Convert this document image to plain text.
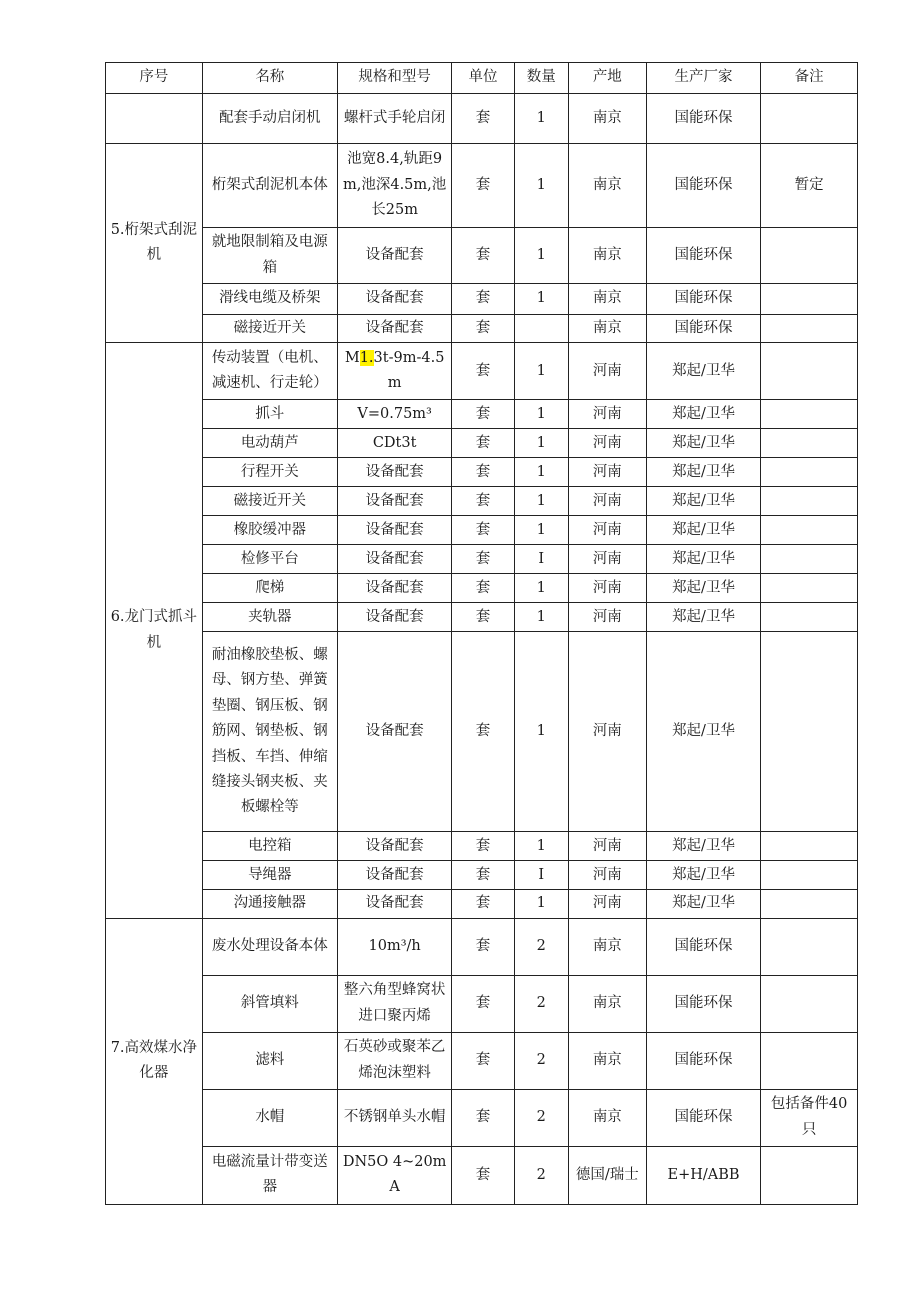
序号	名称	规格和型号	单位	数量	产地	生产厂家	备注
	配套手动启闭机	螺杆式手轮启闭	套	1	南京	国能环保	
5.桁架式刮泥机	桁架式刮泥机本体	池宽8.4,轨距9m,池深4.5m,池长25m	套	1	南京	国能环保	暂定
	就地限制箱及电源箱	设备配套	套	1	南京	国能环保	
	滑线电缆及桥架	设备配套	套	1	南京	国能环保	
	磁接近开关	设备配套	套		南京	国能环保	
6.龙门式抓斗机	传动装置（电机、减速机、行走轮）	M1.3t-9m-4.5m	套	1	河南	郑起/卫华	
	抓斗	V=0.75m³	套	1	河南	郑起/卫华	
	电动葫芦	CDt3t	套	1	河南	郑起/卫华	
	行程开关	设备配套	套	1	河南	郑起/卫华	
	磁接近开关	设备配套	套	1	河南	郑起/卫华	
	橡胶缓冲器	设备配套	套	1	河南	郑起/卫华	
	检修平台	设备配套	套	I	河南	郑起/卫华	
	爬梯	设备配套	套	1	河南	郑起/卫华	
	夹轨器	设备配套	套	1	河南	郑起/卫华	
	耐油橡胶垫板、螺母、钢方垫、弹簧垫圈、钢压板、钢筋网、钢垫板、钢挡板、车挡、伸缩缝接头钢夹板、夹板螺栓等	设备配套	套	1	河南	郑起/卫华	
	电控箱	设备配套	套	1	河南	郑起/卫华	
	导绳器	设备配套	套	I	河南	郑起/卫华	
	沟通接触器	设备配套	套	1	河南	郑起/卫华	
7.高效煤水净化器	废水处理设备本体	10m³/h	套	2	南京	国能环保	
	斜管填料	整六角型蜂窝状进口聚丙烯	套	2	南京	国能环保	
	滤料	石英砂或聚苯乙烯泡沫塑料	套	2	南京	国能环保	
	水帽	不锈钢单头水帽	套	2	南京	国能环保	包括备件40只
	电磁流量计带变送器	DN5O 4~20mA	套	2	德国/瑞士	E+H/ABB	
